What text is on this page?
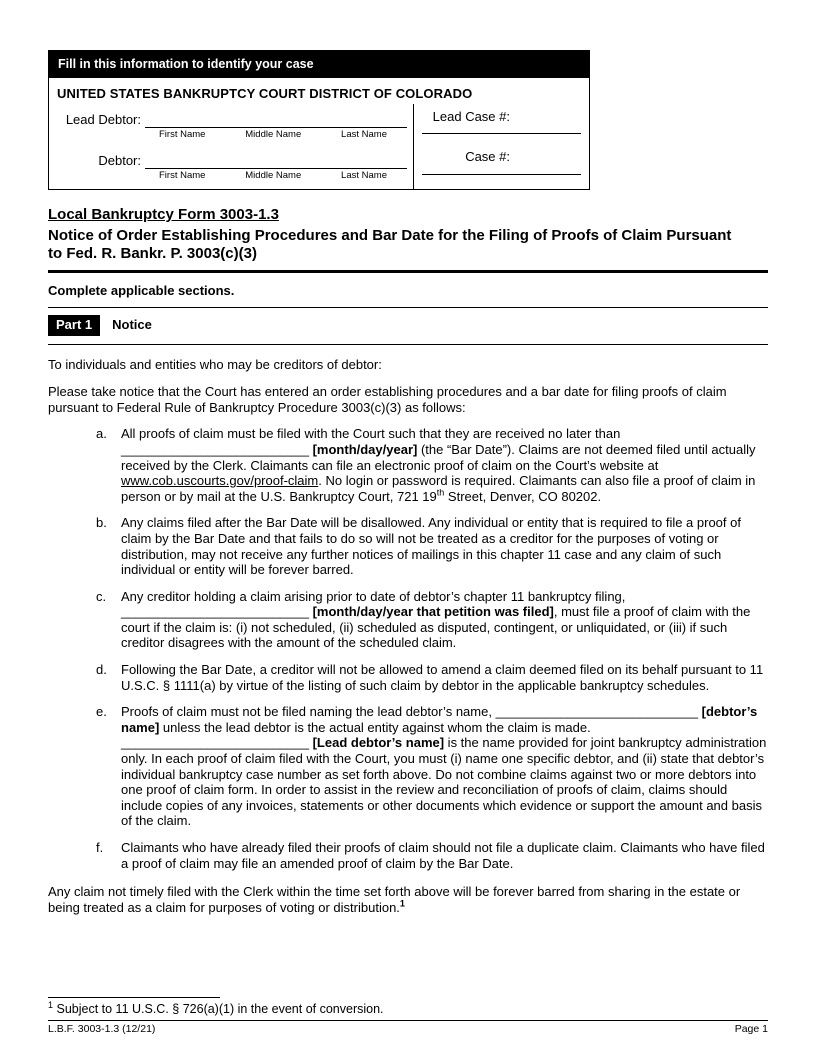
Fill in this information to identify your case
UNITED STATES BANKRUPTCY COURT DISTRICT OF COLORADO
Lead Debtor:
First Name	Middle Name	Last Name
Debtor:
First Name	Middle Name	Last Name
Lead Case #:
Case #:
Local Bankruptcy Form 3003-1.3
Notice of Order Establishing Procedures and Bar Date for the Filing of Proofs of Claim Pursuant to Fed. R. Bankr. P. 3003(c)(3)
Complete applicable sections.
Part 1	Notice
To individuals and entities who may be creditors of debtor:
Please take notice that the Court has entered an order establishing procedures and a bar date for filing proofs of claim pursuant to Federal Rule of Bankruptcy Procedure 3003(c)(3) as follows:
a.	All proofs of claim must be filed with the Court such that they are received no later than
__________________________ [month/day/year] (the “Bar Date”). Claims are not deemed filed until actually received by the Clerk. Claimants can file an electronic proof of claim on the Court’s website at www.cob.uscourts.gov/proof-claim. No login or password is required. Claimants can also file a proof of claim in person or by mail at the U.S. Bankruptcy Court, 721 19th Street, Denver, CO 80202.
b.	Any claims filed after the Bar Date will be disallowed. Any individual or entity that is required to file a proof of claim by the Bar Date and that fails to do so will not be treated as a creditor for the purposes of voting or distribution, may not receive any further notices of mailings in this chapter 11 case and any claim of such individual or entity will be forever barred.
c.	Any creditor holding a claim arising prior to date of debtor’s chapter 11 bankruptcy filing,
__________________________ [month/day/year that petition was filed], must file a proof of claim with the court if the claim is: (i) not scheduled, (ii) scheduled as disputed, contingent, or unliquidated, or (iii) if such creditor disagrees with the amount of the scheduled claim.
d.	Following the Bar Date, a creditor will not be allowed to amend a claim deemed filed on its behalf pursuant to 11 U.S.C. § 1111(a) by virtue of the listing of such claim by debtor in the applicable bankruptcy schedules.
e.	Proofs of claim must not be filed naming the lead debtor’s name, ____________________________ [debtor’s name] unless the lead debtor is the actual entity against whom the claim is made.
__________________________ [Lead debtor’s name] is the name provided for joint bankruptcy administration only. In each proof of claim filed with the Court, you must (i) name one specific debtor, and (ii) state that debtor’s individual bankruptcy case number as set forth above. Do not combine claims against two or more debtors into one proof of claim form. In order to assist in the review and reconciliation of proofs of claim, claims should include copies of any invoices, statements or other documents which evidence or support the amount and basis of the claim.
f.	Claimants who have already filed their proofs of claim should not file a duplicate claim. Claimants who have filed a proof of claim may file an amended proof of claim by the Bar Date.
Any claim not timely filed with the Clerk within the time set forth above will be forever barred from sharing in the estate or being treated as a claim for purposes of voting or distribution.$^1$
$^1$ Subject to 11 U.S.C. § 726(a)(1) in the event of conversion.
L.B.F. 3003-1.3 (12/21)	Page 1
